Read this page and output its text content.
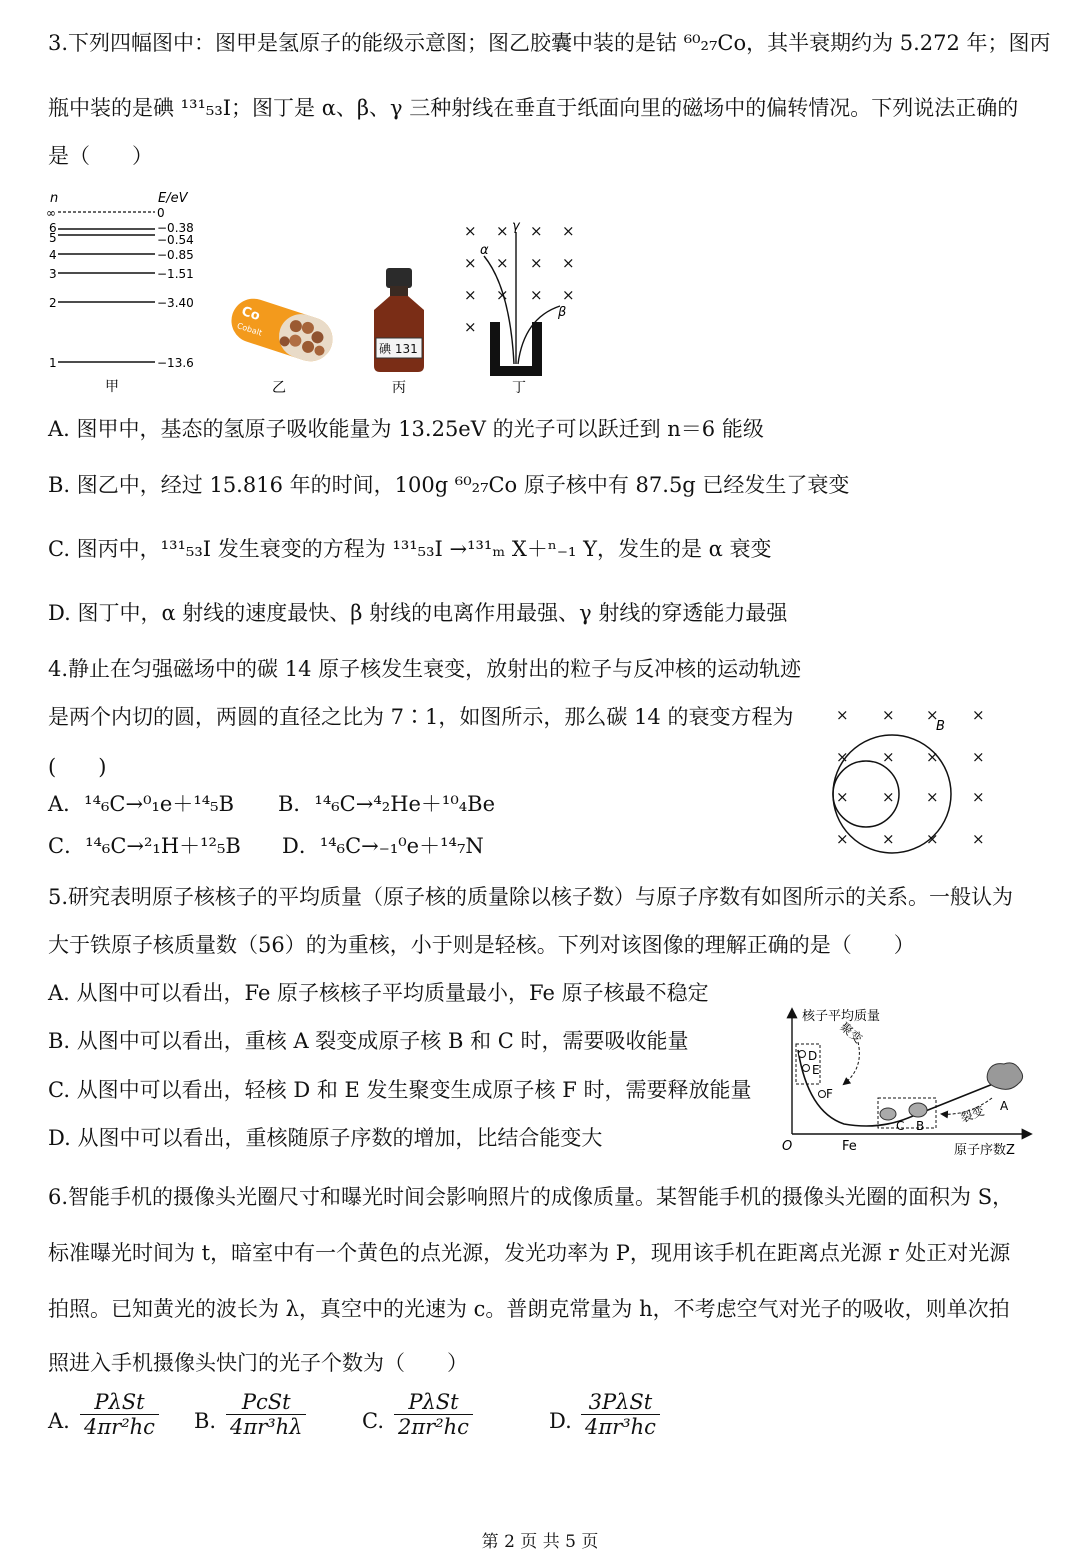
3.下列四幅图中：图甲是氢原子的能级示意图；图乙胶囊中装的是钴 ⁶⁰₂₇Co，其半衰期约为 5.272 年；图丙
瓶中装的是碘 ¹³¹₅₃I；图丁是 α、β、γ 三种射线在垂直于纸面向里的磁场中的偏转情况。下列说法正确的
是（　　）
n	E/eV
∞	0
6	−0.38
5	−0.54
4	−0.85
3	−1.51
2	−3.40
1	−13.6
甲
Co
Cobalt
乙
碘 131
丙
× × × ×
× × × ×
× × × ×
×
α
γ
β
丁
A. 图甲中，基态的氢原子吸收能量为 13.25eV 的光子可以跃迁到 n＝6 能级
B. 图乙中，经过 15.816 年的时间，100g ⁶⁰₂₇Co 原子核中有 87.5g 已经发生了衰变
C. 图丙中，¹³¹₅₃I 发生衰变的方程为 ¹³¹₅₃I →¹³¹ₘ X＋ⁿ₋₁ Y，发生的是 α 衰变
D. 图丁中，α 射线的速度最快、β 射线的电离作用最强、γ 射线的穿透能力最强
4.静止在匀强磁场中的碳 14 原子核发生衰变，放射出的粒子与反冲核的运动轨迹
是两个内切的圆，两圆的直径之比为 7∶1，如图所示，那么碳 14 的衰变方程为
(　　)
A．¹⁴₆C→⁰₁e＋¹⁴₅B B．¹⁴₆C→⁴₂He＋¹⁰₄Be
C．¹⁴₆C→²₁H＋¹²₅B D．¹⁴₆C→₋₁⁰e＋¹⁴₇N
× × × ×
× × × ×
× × × ×
× × × ×
B
5.研究表明原子核核子的平均质量（原子核的质量除以核子数）与原子序数有如图所示的关系。一般认为
大于铁原子核质量数（56）的为重核，小于则是轻核。下列对该图像的理解正确的是（　　）
A. 从图中可以看出，Fe 原子核核子平均质量最小，Fe 原子核最不稳定
B. 从图中可以看出，重核 A 裂变成原子核 B 和 C 时，需要吸收能量
C. 从图中可以看出，轻核 D 和 E 发生聚变生成原子核 F 时，需要释放能量
D. 从图中可以看出，重核随原子序数的增加，比结合能变大
核子平均质量
原子序数Z
O	Fe
D
E
F
C B
A
聚变
裂变
6.智能手机的摄像头光圈尺寸和曝光时间会影响照片的成像质量。某智能手机的摄像头光圈的面积为 S，
标准曝光时间为 t，暗室中有一个黄色的点光源，发光功率为 P，现用该手机在距离点光源 r 处正对光源
拍照。已知黄光的波长为 λ，真空中的光速为 c。普朗克常量为 h，不考虑空气对光子的吸收，则单次拍
照进入手机摄像头快门的光子个数为（　　）
A.
PλSt
4πr²hc B.
PcSt
4πr³hλ	C.
PλSt
2πr²hc	D.
3PλSt
4πr³hc
第 2 页 共 5 页
